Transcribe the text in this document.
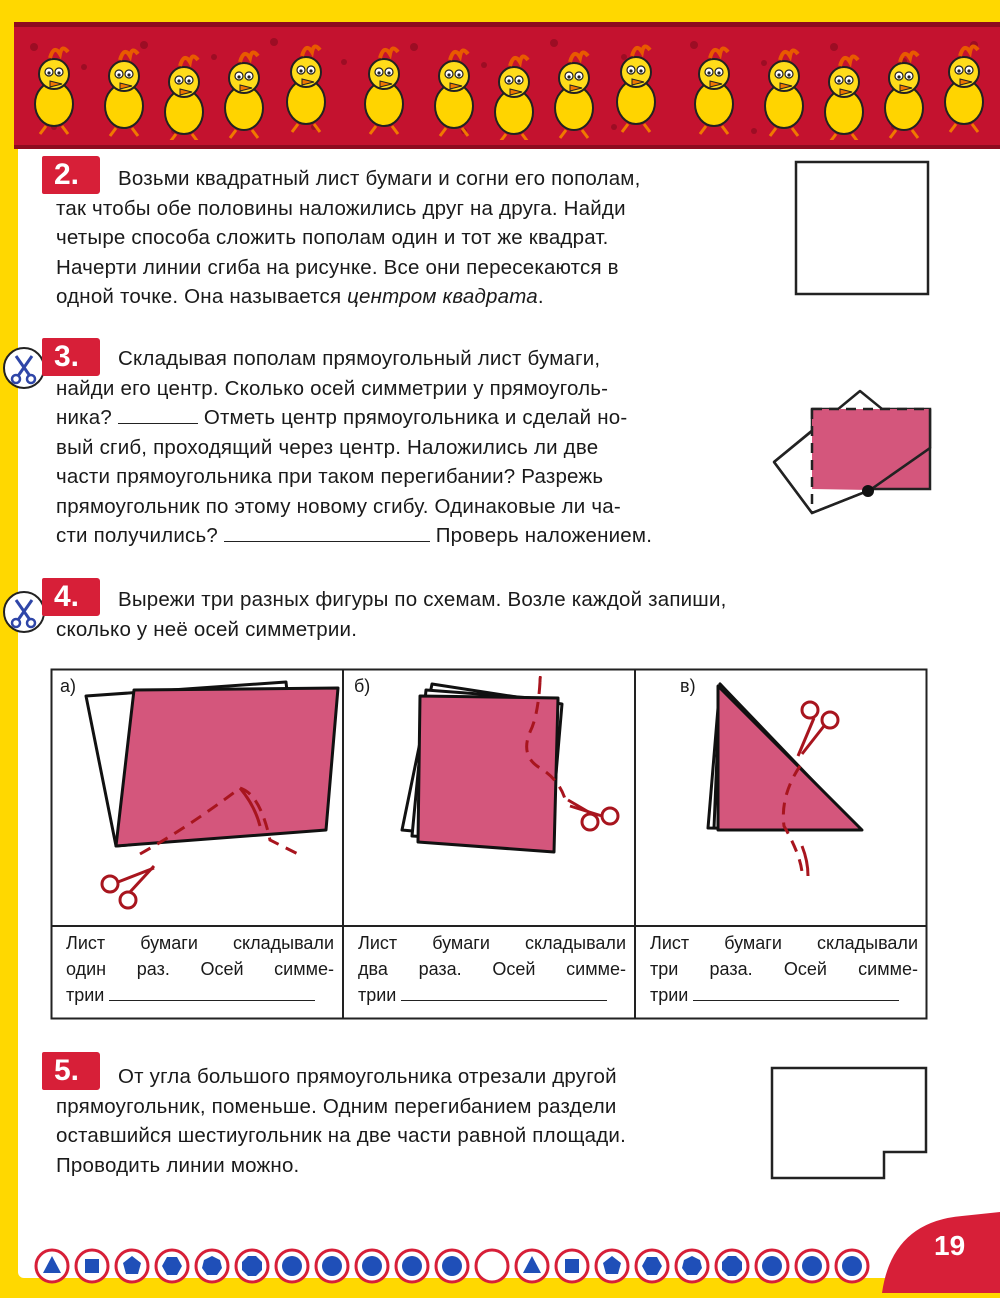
2.	Возьми квадратный лист бумаги и согни его пополам,
так чтобы обе половины наложились друг на друга. Найди
четыре способа сложить пополам один и тот же квадрат.
Начерти линии сгиба на рисунке. Все они пересекаются в
одной точке. Она называется центром квадрата.
3.	Складывая пополам прямоугольный лист бумаги,
найди его центр. Сколько осей симметрии у прямоуголь-
ника?	Отметь центр прямоугольника и сделай но-
вый сгиб, проходящий через центр. Наложились ли две
части прямоугольника при таком перегибании? Разрежь
прямоугольник по этому новому сгибу. Одинаковые ли ча-
сти получились?	Проверь наложением.
4.	Вырежи три разных фигуры по схемам. Возле каждой запиши,
сколько у неё осей симметрии.
а)	б)	в)
Лист бумаги складывали
один раз. Осей симме-
трии
Лист бумаги складывали
два раза. Осей симме-
трии
Лист бумаги складывали
три раза. Осей симме-
трии
5.	От угла большого прямоугольника отрезали другой
прямоугольник, поменьше. Одним перегибанием раздели
оставшийся шестиугольник на две части равной площади.
Проводить линии можно.
19
